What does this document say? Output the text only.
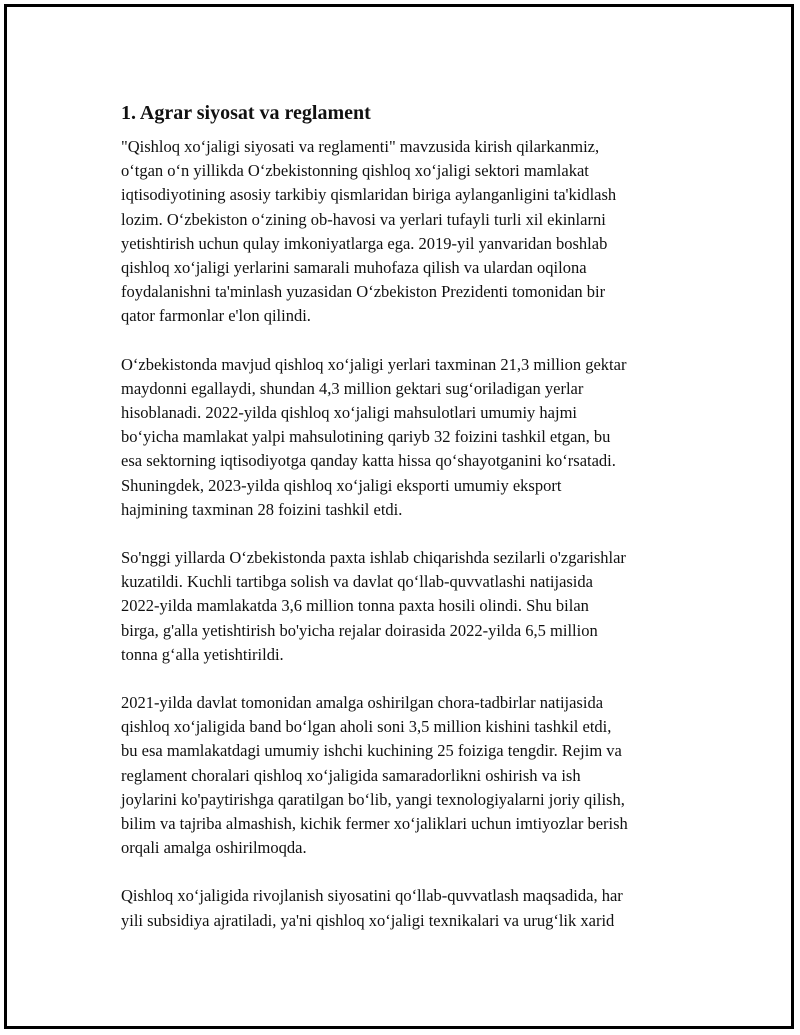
1. Agrar siyosat va reglament

"Qishloq xo‘jaligi siyosati va reglamenti" mavzusida kirish qilarkanmiz,
o‘tgan o‘n yillikda O‘zbekistonning qishloq xo‘jaligi sektori mamlakat
iqtisodiyotining asosiy tarkibiy qismlaridan biriga aylanganligini ta'kidlash
lozim. O‘zbekiston o‘zining ob-havosi va yerlari tufayli turli xil ekinlarni
yetishtirish uchun qulay imkoniyatlarga ega. 2019-yil yanvaridan boshlab
qishloq xo‘jaligi yerlarini samarali muhofaza qilish va ulardan oqilona
foydalanishni ta'minlash yuzasidan O‘zbekiston Prezidenti tomonidan bir
qator farmonlar e'lon qilindi.

O‘zbekistonda mavjud qishloq xo‘jaligi yerlari taxminan 21,3 million gektar
maydonni egallaydi, shundan 4,3 million gektari sug‘oriladigan yerlar
hisoblanadi. 2022-yilda qishloq xo‘jaligi mahsulotlari umumiy hajmi
bo‘yicha mamlakat yalpi mahsulotining qariyb 32 foizini tashkil etgan, bu
esa sektorning iqtisodiyotga qanday katta hissa qo‘shayotganini ko‘rsatadi.
Shuningdek, 2023-yilda qishloq xo‘jaligi eksporti umumiy eksport
hajmining taxminan 28 foizini tashkil etdi.

So'nggi yillarda O‘zbekistonda paxta ishlab chiqarishda sezilarli o'zgarishlar
kuzatildi. Kuchli tartibga solish va davlat qo‘llab-quvvatlashi natijasida
2022-yilda mamlakatda 3,6 million tonna paxta hosili olindi. Shu bilan
birga, g'alla yetishtirish bo'yicha rejalar doirasida 2022-yilda 6,5 million
tonna g‘alla yetishtirildi.

2021-yilda davlat tomonidan amalga oshirilgan chora-tadbirlar natijasida
qishloq xo‘jaligida band bo‘lgan aholi soni 3,5 million kishini tashkil etdi,
bu esa mamlakatdagi umumiy ishchi kuchining 25 foiziga tengdir. Rejim va
reglament choralari qishloq xo‘jaligida samaradorlikni oshirish va ish
joylarini ko'paytirishga qaratilgan bo‘lib, yangi texnologiyalarni joriy qilish,
bilim va tajriba almashish, kichik fermer xo‘jaliklari uchun imtiyozlar berish
orqali amalga oshirilmoqda.

Qishloq xo‘jaligida rivojlanish siyosatini qo‘llab-quvvatlash maqsadida, har
yili subsidiya ajratiladi, ya'ni qishloq xo‘jaligi texnikalari va urug‘lik xarid
